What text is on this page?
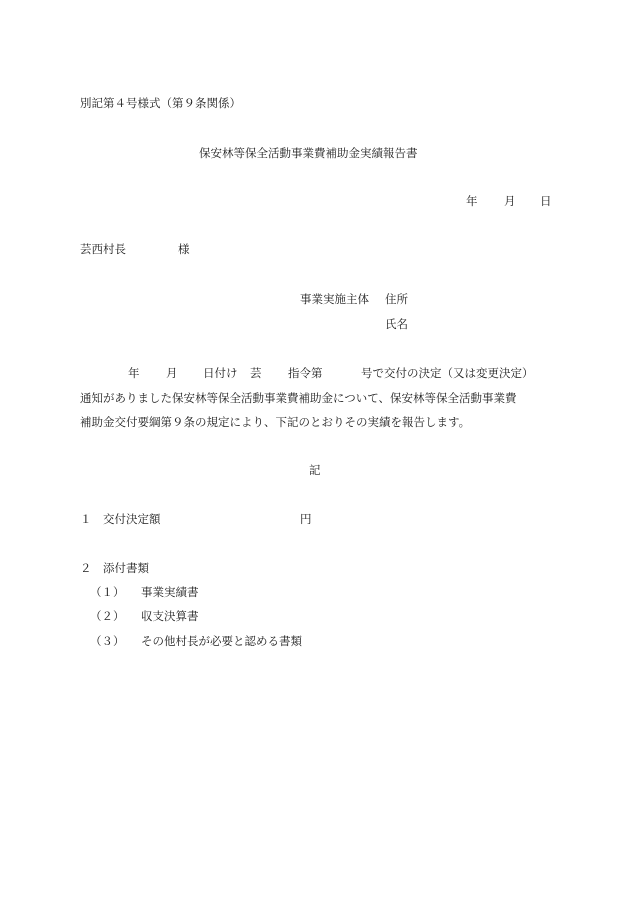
別記第４号様式（第９条関係）
保安林等保全活動事業費補助金実績報告書
年 月 日
芸西村長	様
事業実施主体 住所
氏名
年 月 日付け 芸 指令第	号で交付の決定（又は変更決定）
通知がありました保安林等保全活動事業費補助金について、保安林等保全活動事業費
補助金交付要綱第９条の規定により、下記のとおりその実績を報告します。
記
１ 交付決定額	円
２ 添付書類
（１） 事業実績書
（２） 収支決算書
（３） その他村長が必要と認める書類
